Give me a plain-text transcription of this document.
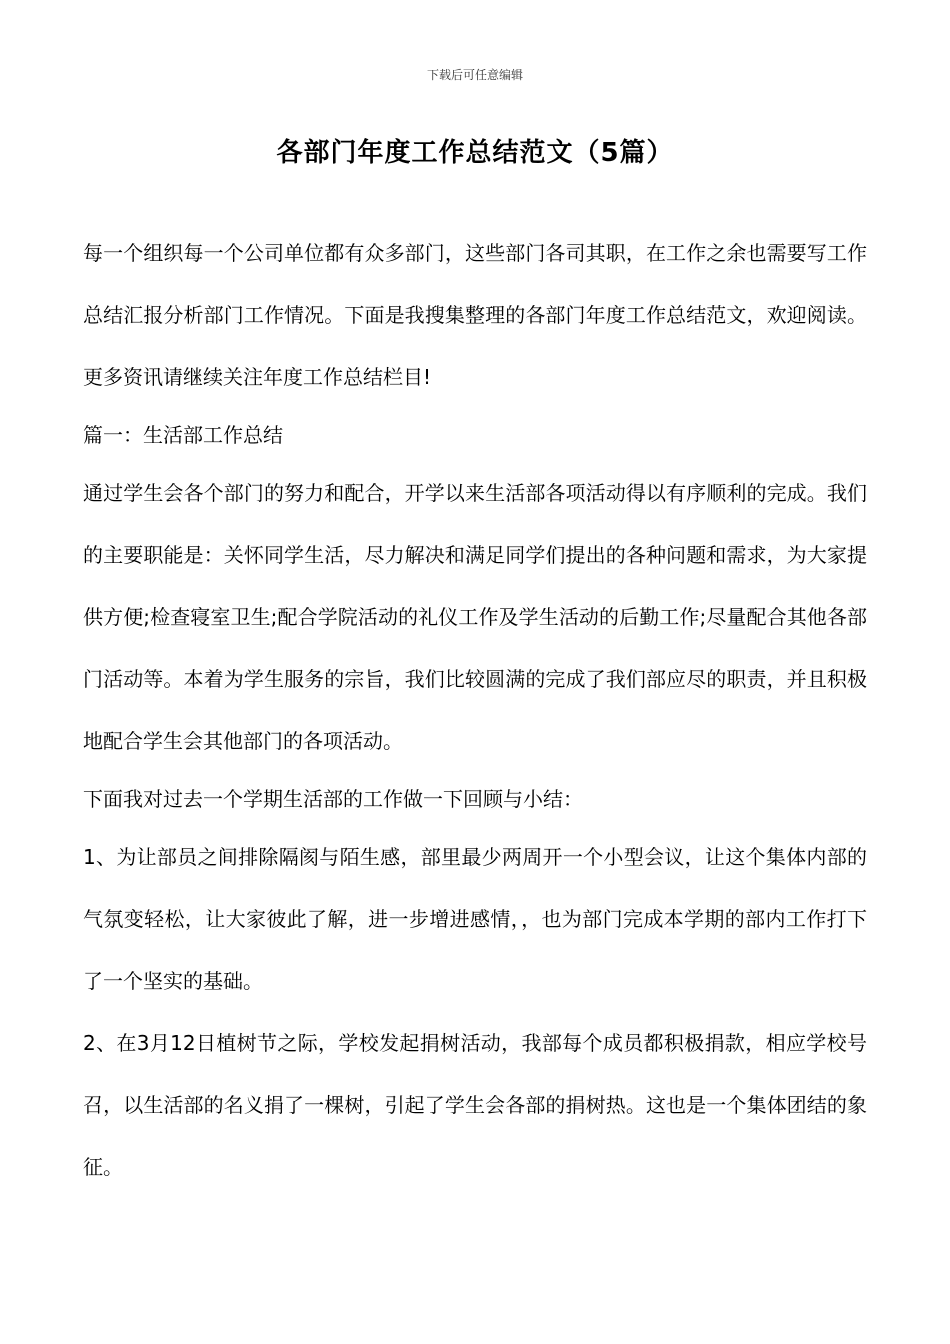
下载后可任意编辑
各部门年度工作总结范文（5篇）

每一个组织每一个公司单位都有众多部门，这些部门各司其职，在工作之余也需要写工作总结汇报分析部门工作情况。下面是我搜集整理的各部门年度工作总结范文，欢迎阅读。更多资讯请继续关注年度工作总结栏目!

篇一：生活部工作总结

通过学生会各个部门的努力和配合，开学以来生活部各项活动得以有序顺利的完成。我们的主要职能是：关怀同学生活，尽力解决和满足同学们提出的各种问题和需求，为大家提供方便;检查寝室卫生;配合学院活动的礼仪工作及学生活动的后勤工作;尽量配合其他各部门活动等。本着为学生服务的宗旨，我们比较圆满的完成了我们部应尽的职责，并且积极地配合学生会其他部门的各项活动。

下面我对过去一个学期生活部的工作做一下回顾与小结：

1、为让部员之间排除隔阂与陌生感，部里最少两周开一个小型会议，让这个集体内部的气氛变轻松，让大家彼此了解，进一步增进感情，，也为部门完成本学期的部内工作打下了一个坚实的基础。

2、在3月12日植树节之际，学校发起捐树活动，我部每个成员都积极捐款，相应学校号召，以生活部的名义捐了一棵树，引起了学生会各部的捐树热。这也是一个集体团结的象征。
